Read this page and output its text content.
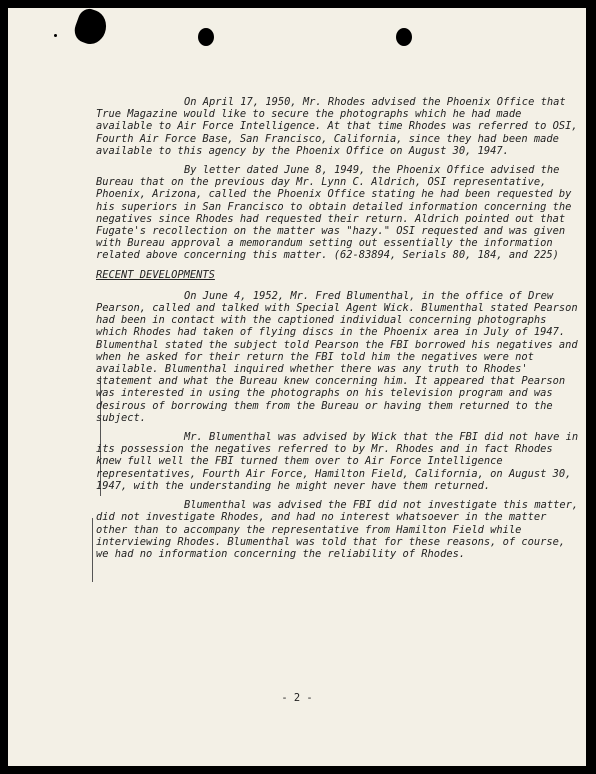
On April 17, 1950, Mr. Rhodes advised the Phoenix Office that True Magazine would like to secure the photographs which he had made available to Air Force Intelligence. At that time Rhodes was referred to OSI, Fourth Air Force Base, San Francisco, California, since they had been made available to this agency by the Phoenix Office on August 30, 1947.

By letter dated June 8, 1949, the Phoenix Office advised the Bureau that on the previous day Mr. Lynn C. Aldrich, OSI representative, Phoenix, Arizona, called the Phoenix Office stating he had been requested by his superiors in San Francisco to obtain detailed information concerning the negatives since Rhodes had requested their return. Aldrich pointed out that Fugate's recollection on the matter was "hazy." OSI requested and was given with Bureau approval a memorandum setting out essentially the information related above concerning this matter. (62-83894, Serials 80, 184, and 225)

RECENT DEVELOPMENTS

On June 4, 1952, Mr. Fred Blumenthal, in the office of Drew Pearson, called and talked with Special Agent Wick. Blumenthal stated Pearson had been in contact with the captioned individual concerning photographs which Rhodes had taken of flying discs in the Phoenix area in July of 1947. Blumenthal stated the subject told Pearson the FBI borrowed his negatives and when he asked for their return the FBI told him the negatives were not available. Blumenthal inquired whether there was any truth to Rhodes' statement and what the Bureau knew concerning him. It appeared that Pearson was interested in using the photographs on his television program and was desirous of borrowing them from the Bureau or having them returned to the subject.

Mr. Blumenthal was advised by Wick that the FBI did not have in its possession the negatives referred to by Mr. Rhodes and in fact Rhodes knew full well the FBI turned them over to Air Force Intelligence representatives, Fourth Air Force, Hamilton Field, California, on August 30, 1947, with the understanding he might never have them returned.

Blumenthal was advised the FBI did not investigate this matter, did not investigate Rhodes, and had no interest whatsoever in the matter other than to accompany the representative from Hamilton Field while interviewing Rhodes. Blumenthal was told that for these reasons, of course, we had no information concerning the reliability of Rhodes.

- 2 -
